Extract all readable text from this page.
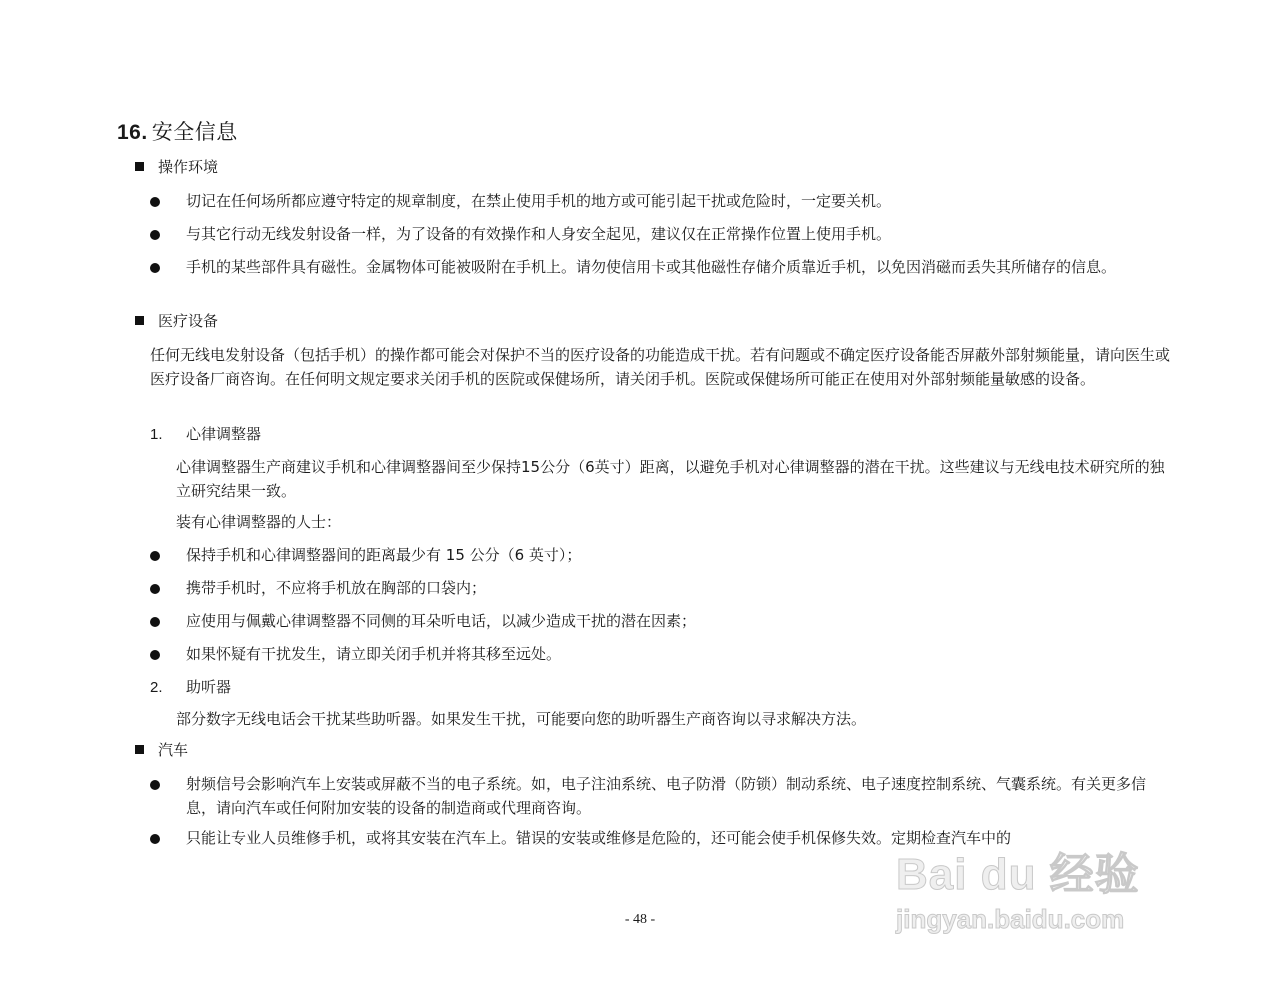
16. 安全信息
操作环境
切记在任何场所都应遵守特定的规章制度，在禁止使用手机的地方或可能引起干扰或危险时，一定要关机。
与其它行动无线发射设备一样，为了设备的有效操作和人身安全起见，建议仅在正常操作位置上使用手机。
手机的某些部件具有磁性。金属物体可能被吸附在手机上。请勿使信用卡或其他磁性存储介质靠近手机，以免因消磁而丢失其所储存的信息。
医疗设备
任何无线电发射设备（包括手机）的操作都可能会对保护不当的医疗设备的功能造成干扰。若有问题或不确定医疗设备能否屏蔽外部射频能量，请向医生或医疗设备厂商咨询。在任何明文规定要求关闭手机的医院或保健场所，请关闭手机。医院或保健场所可能正在使用对外部射频能量敏感的设备。
1. 心律调整器
心律调整器生产商建议手机和心律调整器间至少保持15公分（6英寸）距离，以避免手机对心律调整器的潜在干扰。这些建议与无线电技术研究所的独立研究结果一致。
装有心律调整器的人士：
保持手机和心律调整器间的距离最少有 15 公分（6 英寸）；
携带手机时，不应将手机放在胸部的口袋内；
应使用与佩戴心律调整器不同侧的耳朵听电话，以减少造成干扰的潜在因素；
如果怀疑有干扰发生，请立即关闭手机并将其移至远处。
2. 助听器
部分数字无线电话会干扰某些助听器。如果发生干扰，可能要向您的助听器生产商咨询以寻求解决方法。
汽车
射频信号会影响汽车上安装或屏蔽不当的电子系统。如，电子注油系统、电子防滑（防锁）制动系统、电子速度控制系统、气囊系统。有关更多信息，请向汽车或任何附加安装的设备的制造商或代理商咨询。
只能让专业人员维修手机，或将其安装在汽车上。错误的安装或维修是危险的，还可能会使手机保修失效。定期检查汽车中的
- 48 -
Bai du 经验
jingyan.baidu.com
